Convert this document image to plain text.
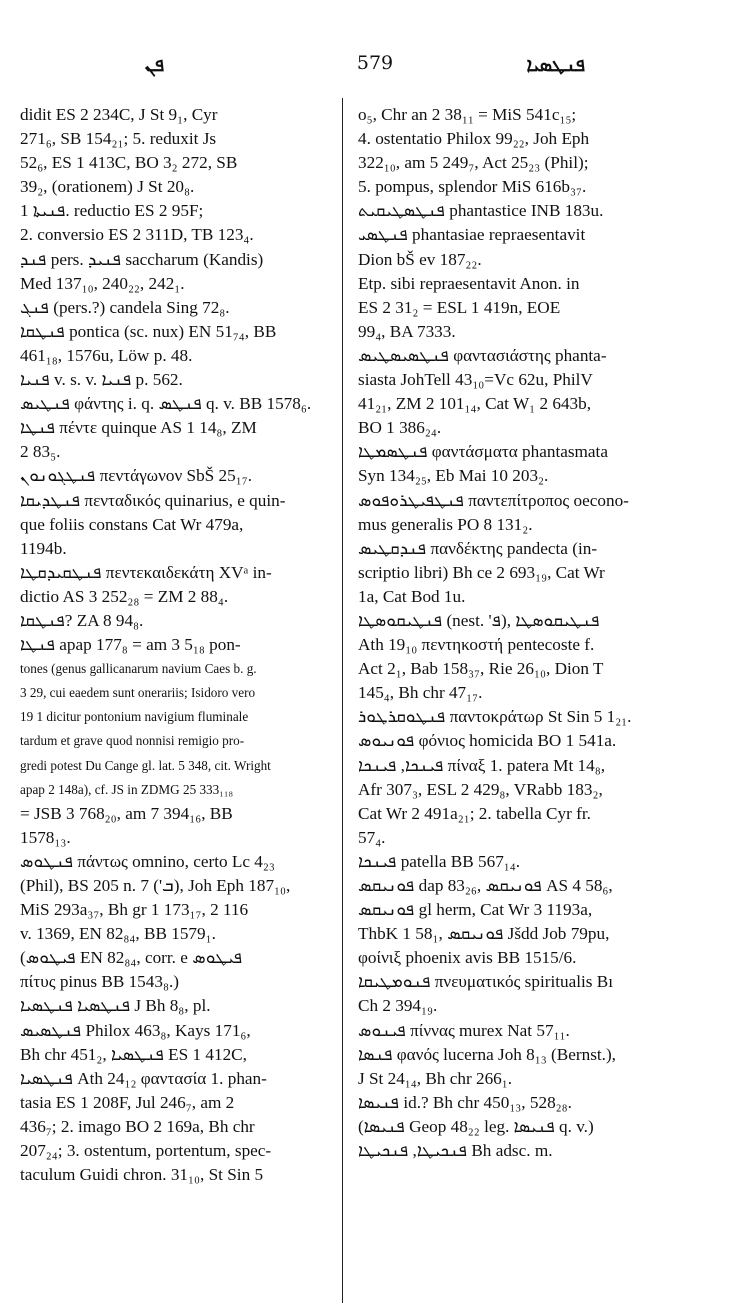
ܦܢ	579	ܦܢܛܣܝܐ
didit ES 2 234C, J St 9₁, Cyr
271₆, SB 154₂₁; 5. reduxit Js
52₆, ES 1 413C, BO 3₂ 272, SB
39₂, (orationem) J St 20₈.
ܦܢܝܬܐ 1. reductio ES 2 95F;
2. conversio ES 2 311D, TB 123₄.
ܦܢܕ pers. ܦܢܝܕ saccharum (Kandis)
Med 137₁₀, 240₂₂, 242₁.
ܦܢܓ (pers.?) candela Sing 72₈.
ܦܢܛܩܐ pontica (sc. nux) EN 51₇₄, BB
461₁₈, 1576u, Löw p. 48.
ܦܢܝܐ v. s. v. ܦܢܝܐ p. 562.
ܦܢܛܝܣ φάντης i. q. ܦܢܛܣ q. v. BB 1578₆.
ܦܢܛܐ πέντε quinque AS 1 14₈, ZM
2 83₅.
ܦܢܛܓܘܢܘܢ πεντάγωνον SbŠ 25₁₇.
ܦܢܛܕܝܩܐ πενταδικός quinarius, e quin-
que foliis constans Cat Wr 479a,
1194b.
ܦܢܛܩܝܕܩܛܐ πεντεκαιδεκάτη XVᵃ in-
dictio AS 3 252₂₈ = ZM 2 88₄.
ܦܢܛܩܐ? ZA 8 94₈.
ܦܢܛܐ apap 177₈ = am 3 5₁₈ pon-
tones (genus gallicanarum navium Caes b. g.
3 29, cui eaedem sunt onerariis; Isidoro vero
19 1 dicitur pontonium navigium fluminale
tardum et grave quod nonnisi remigio pro-
gredi potest Du Cange gl. lat. 5 348, cit. Wright
apap 2 148a), cf. JS in ZDMG 25 333₁₁₈
= JSB 3 768₂₀, am 7 394₁₆, BB
1578₁₃.
ܦܢܛܘܣ πάντως omnino, certo Lc 4₂₃
(Phil), BS 205 n. 7 ('ܒ), Joh Eph 187₁₀,
MiS 293a₃₇, Bh gr 1 173₁₇, 2 116
v. 1369, EN 82₈₄, BB 1579₁.
(ܦܝܛܘܣ EN 82₈₄, corr. e ܦܝܛܘܣ
πίτυς pinus BB 1543₈.)
ܦܢܛܣܝܐ ܦܢܛܣܝܐ J Bh 8₈, pl.
ܦܢܛܣܝܣ Philox 463₈, Kays 171₆,
Bh chr 451₂, ܦܢܛܣܝܐ ES 1 412C,
ܦܢܛܣܝܐ Ath 24₁₂ φαντασία 1. phan-
tasia ES 1 208F, Jul 246₇, am 2
436₇; 2. imago BO 2 169a, Bh chr
207₂₄; 3. ostentum, portentum, spec-
taculum Guidi chron. 31₁₀, St Sin 5
o₅, Chr an 2 38₁₁ = MiS 541c₁₅;
4. ostentatio Philox 99₂₂, Joh Eph
322₁₀, am 5 249₇, Act 25₂₃ (Phil);
5. pompus, splendor MiS 616b₃₇.
ܦܢܛܣܛܝܩܝܬ phantastice INB 183u.
ܦܢܛܣܝ phantasiae repraesentavit
Dion bŠ ev 187₂₂.
Etp. sibi repraesentavit Anon. in
ES 2 31₂ = ESL 1 419n, EOE
99₄, BA 7333.
ܦܢܛܣܝܣܛܝܣ φαντασιάστης phanta-
siasta JohTell 43₁₀=Vc 62u, PhilV
41₂₁, ZM 2 101₁₄, Cat W₁ 2 643b,
BO 1 386₂₄.
ܦܢܛܣܡܛܐ φαντάσματα phantasmata
Syn 134₂₅, Eb Mai 10 203₂.
ܦܢܛܦܝܛܪܘܦܘܣ παντεπίτροπος oecono-
mus generalis PO 8 131₂.
ܦܢܕܩܛܝܣ πανδέκτης pandecta (in-
scriptio libri) Bh ce 2 693₁₉, Cat Wr
1a, Cat Bod 1u.
ܦܢܛܝܩܘܣܛܐ (nest. 'ܦ), ܦܢܛܝܩܘܣܛܐ
Ath 19₁₀ πεντηκοστή pentecoste f.
Act 2₁, Bab 158₃₇, Rie 26₁₀, Dion T
145₄, Bh chr 47₁₇.
ܦܢܛܘܩܪܛܘܪ παντοκράτωρ St Sin 5 1₂₁.
ܦܘܢܝܘܣ φόνιος homicida BO 1 541a.
ܦܝܢܟܐ, ܦܝܢܟܐ πίναξ 1. patera Mt 14₈,
Afr 307₃, ESL 2 429₈, VRabb 183₂,
Cat Wr 2 491a₂₁; 2. tabella Cyr fr.
57₄.
ܦܝܢܟܐ patella BB 567₁₄.
ܦܘܢܝܩܣ dap 83₂₆, ܦܘܢܝܩܣ AS 4 58₆,
ܦܘܢܝܩܣ gl herm, Cat Wr 3 1193a,
ThbK 1 58₁, ܦܘܢܝܩܣ Jšdd Job 79pu,
φοίνιξ phoenix avis BB 1515/6.
ܦܢܘܡܛܝܩܐ πνευματικός spiritualis Bı
Ch 2 394₁₉.
ܦܝܢܘܣ πίννας murex Nat 57₁₁.
ܦܢܣܐ φανός lucerna Joh 8₁₃ (Bernst.),
J St 24₁₄, Bh chr 266₁.
ܦܢܝܣܐ id.? Bh chr 450₁₃, 528₂₈.
(ܦܢܝܣܐ Geop 48₂₂ leg. ܦܢܝܣܐ q. v.)
ܦܢܟܝܛܐ, ܦܢܟܝܛܐ Bh adsc. m.
